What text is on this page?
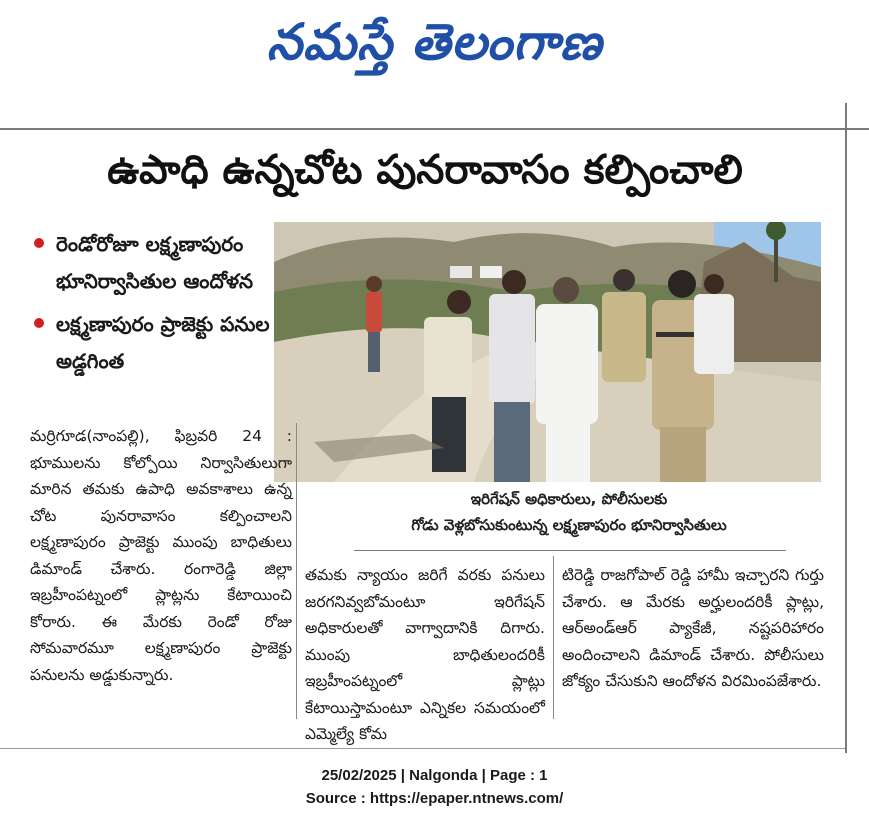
నమస్తే తెలంగాణ
ఉపాధి ఉన్నచోట పునరావాసం కల్పించాలి
రెండోరోజూ లక్ష్మణాపురం భూనిర్వాసితుల ఆందోళన
లక్ష్మణాపురం ప్రాజెక్టు పనుల అడ్డగింత
ఇరిగేషన్ అధికారులు, పోలీసులకు
గోడు వెళ్లబోసుకుంటున్న లక్ష్మణాపురం భూనిర్వాసితులు
మర్రిగూడ(నాంపల్లి), ఫిబ్రవరి 24 : భూములను కోల్పోయి నిర్వాసితులుగా మారిన తమకు ఉపాధి అవకాశాలు ఉన్న చోట పునరావాసం కల్పించాలని లక్ష్మణాపురం ప్రాజెక్టు ముంపు బాధితులు డిమాండ్ చేశారు. రంగారెడ్డి జిల్లా ఇబ్రహీంపట్నంలో ప్లాట్లను కేటాయించి కోరారు. ఈ మేరకు రెండో రోజు సోమవారమూ లక్ష్మణాపురం ప్రాజెక్టు పనులను అడ్డుకున్నారు.
తమకు న్యాయం జరిగే వరకు పనులు జరగనివ్వబోమంటూ ఇరిగేషన్ అధికారులతో వాగ్వాదానికి దిగారు. ముంపు బాధితులందరికీ ఇబ్రహీంపట్నంలో ప్లాట్లు కేటాయిస్తామంటూ ఎన్నికల సమయంలో ఎమ్మెల్యే కోమ
టిరెడ్డి రాజగోపాల్ రెడ్డి హామీ ఇచ్చారని గుర్తు చేశారు. ఆ మేరకు అర్హులందరికీ ప్లాట్లు, ఆర్అండ్ఆర్ ప్యాకేజీ, నష్టపరిహారం అందించాలని డిమాండ్ చేశారు. పోలీసులు జోక్యం చేసుకుని ఆందోళన విరమింపజేశారు.
25/02/2025 | Nalgonda | Page : 1
Source : https://epaper.ntnews.com/
